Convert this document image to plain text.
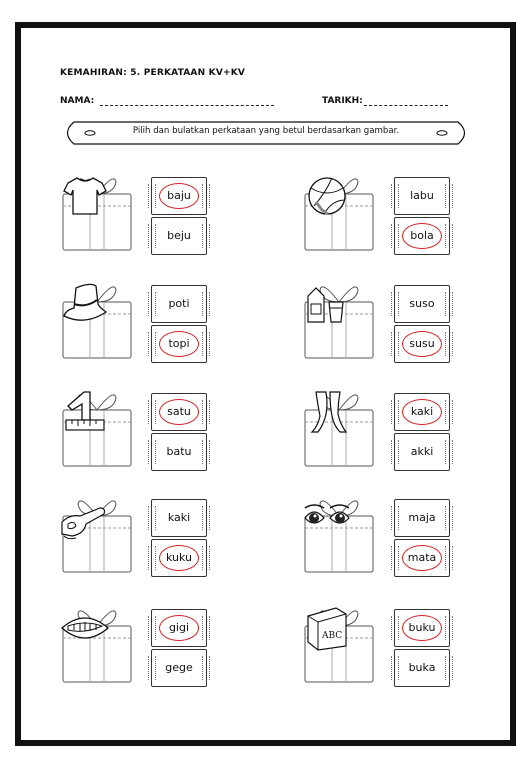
KEMAHIRAN: 5. PERKATAAN KV+KV
NAMA:	TARIKH:
Pilih dan bulatkan perkataan yang betul berdasarkan gambar.
baju
beju
labu
bola
poti
topi
suso
susu
satu
batu
kaki
akki
kaki
kuku
maja
mata
gigi
gege
ABC
buku
buka
